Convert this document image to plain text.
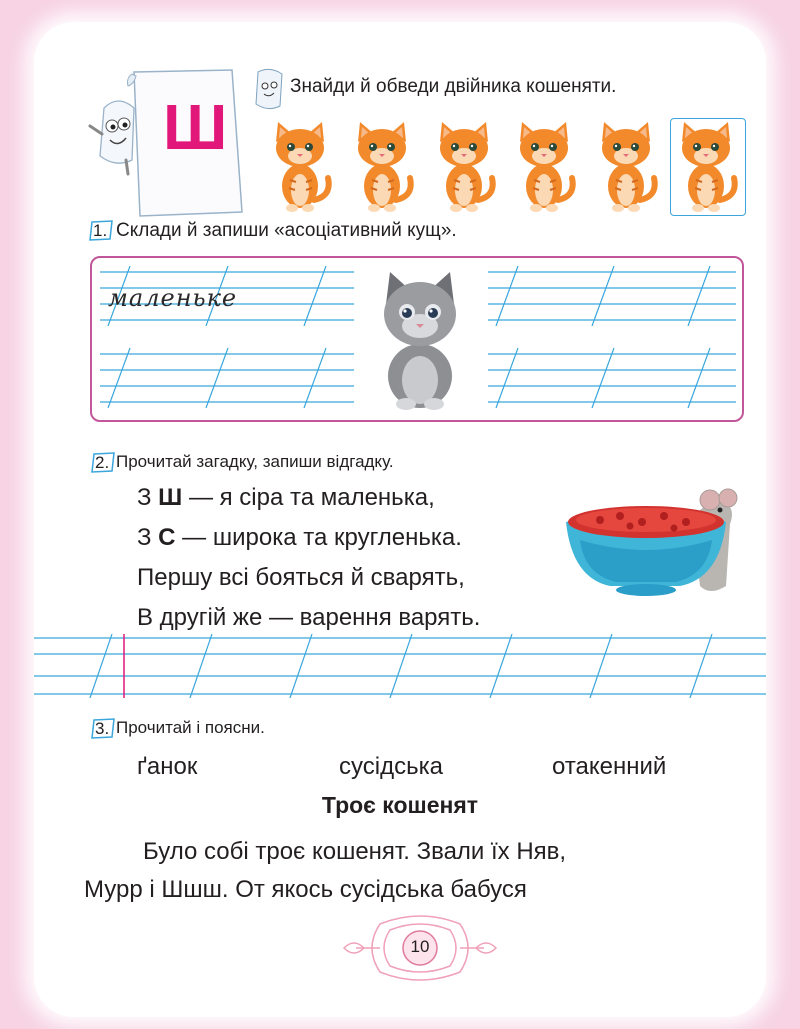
Ш
Знайди й обведи двійника кошеняти.
1. Склади й запиши «асоціативний кущ».
маленьке
2. Прочитай загадку, запиши відгадку.
З Ш — я сіра та маленька,
З С — широка та кругленька.
Першу всі бояться й сварять,
В другій же — варення варять.
3. Прочитай і поясни.
ґанок	сусідська	отакенний
Троє кошенят
Було собі троє кошенят. Звали їх Няв,
Мурр і Шшш. От якось сусідська бабуся
10
